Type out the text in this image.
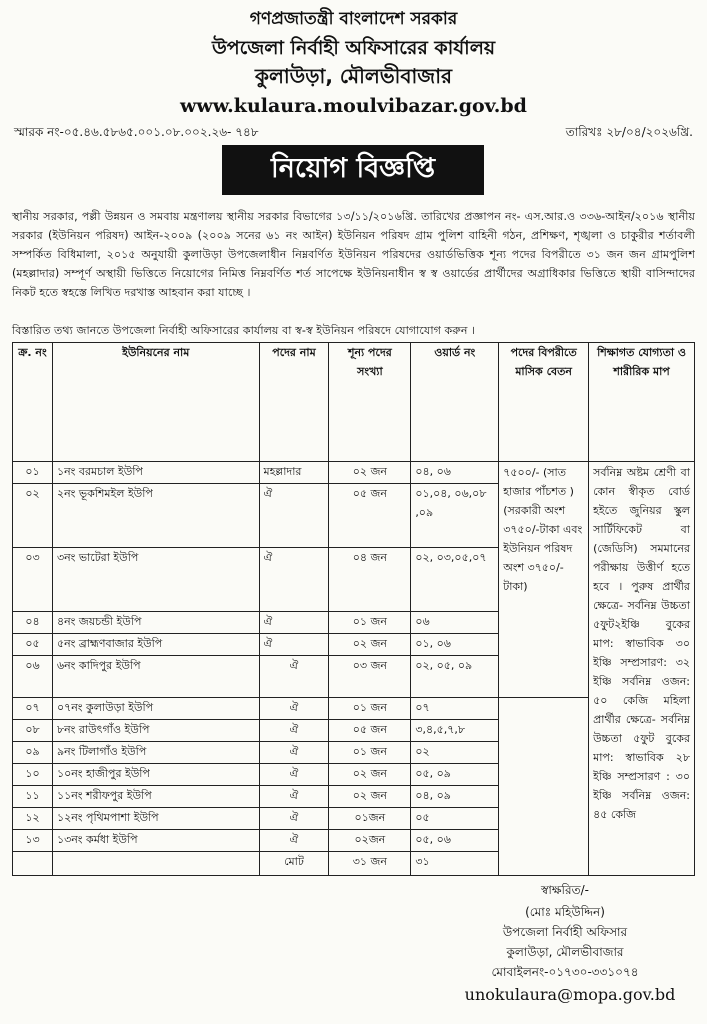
গণপ্রজাতন্ত্রী বাংলাদেশ সরকার
উপজেলা নির্বাহী অফিসারের কার্যালয়
কুলাউড়া, মৌলভীবাজার
www.kulaura.moulvibazar.gov.bd
স্মারক নং-০৫.৪৬.৫৮৬৫.০০১.০৮.০০২.২৬- ৭৪৮	তারিখঃ ২৮/০৪/২০২৬খ্রি.
নিয়োগ বিজ্ঞপ্তি
স্থানীয় সরকার, পল্লী উন্নয়ন ও সমবায় মন্ত্রণালয় স্থানীয় সরকার বিভাগের ১৩/১১/২০১৬খ্রি. তারিখের প্রজ্ঞাপন নং- এস.আর.ও ৩৩৬-আইন/২০১৬ স্থানীয় সরকার (ইউনিয়ন পরিষদ) আইন-২০০৯ (২০০৯ সনের ৬১ নং আইন) ইউনিয়ন পরিষদ গ্রাম পুলিশ বাহিনী গঠন, প্রশিক্ষণ, শৃঙ্খলা ও চাকুরীর শর্তাবলী সম্পর্কিত বিধিমালা, ২০১৫ অনুযায়ী কুলাউড়া উপজেলাধীন নিম্নবর্ণিত ইউনিয়ন পরিষদের ওয়ার্ডভিত্তিক শূন্য পদের বিপরীতে ৩১ জন জন গ্রামপুলিশ (মহল্লাদার) সম্পূর্ণ অস্থায়ী ভিত্তিতে নিয়োগের নিমিত্ত নিম্নবর্ণিত শর্ত সাপেক্ষে ইউনিয়নাধীন স্ব স্ব ওয়ার্ডের প্রার্থীদের অগ্রাধিকার ভিত্তিতে স্থায়ী বাসিন্দাদের নিকট হতে স্বহস্তে লিখিত দরখাস্ত আহবান করা যাচ্ছে ।
বিস্তারিত তথ্য জানতে উপজেলা নির্বাহী অফিসারের কার্যালয় বা স্ব-স্ব ইউনিয়ন পরিষদে যোগাযোগ করুন ।
ক্র. নং	ইউনিয়নের নাম	পদের নাম	শূন্য পদের সংখ্যা	ওয়ার্ড নং	পদের বিপরীতে মাসিক বেতন	শিক্ষাগত যোগ্যতা ও শারীরিক মাপ
০১	১নং বরমচাল ইউপি	মহল্লাদার	০২ জন	০৪, ০৬	৭৫০০/- (সাত হাজার পাঁচশত ) (সরকারী অংশ ৩৭৫০/-টাকা এবং ইউনিয়ন পরিষদ অংশ ৩৭৫০/- টাকা)	সর্বনিম্ন অষ্টম শ্রেণী বা কোন স্বীকৃত বোর্ড হইতে জুনিয়র স্কুল সার্টিফিকেট বা (জেডিসি) সমমানের পরীক্ষায় উত্তীর্ণ হতে হবে । পুরুষ প্রার্থীর ক্ষেত্রে- সর্বনিম্ন উচ্চতা ৫ফুট২ইঞ্চি বুকের মাপ: স্বাভাবিক ৩০ ইঞ্চি সম্প্রসারণ: ৩২ ইঞ্চি সর্বনিম্ন ওজন: ৫০ কেজি মহিলা প্রার্থীর ক্ষেত্রে- সর্বনিম্ন উচ্চতা ৫ফুট বুকের মাপ: স্বাভাবিক ২৮ ইঞ্চি সম্প্রসারণ : ৩০ ইঞ্চি সর্বনিম্ন ওজন: ৪৫ কেজি
০২	২নং ভূকশিমইল ইউপি	ঐ	০৫ জন	০১,০৪, ০৬,০৮ ,০৯		
০৩	৩নং ভাটেরা ইউপি	ঐ	০৪ জন	০২, ০৩,০৫,০৭		
০৪	৪নং জয়চন্ডী ইউপি	ঐ	০১ জন	০৬		
০৫	৫নং ব্রাহ্মণবাজার ইউপি	ঐ	০২ জন	০১, ০৬		
০৬	৬নং কাদিপুর ইউপি	ঐ	০৩ জন	০২, ০৫, ০৯		
০৭	০৭নং কুলাউড়া ইউপি	ঐ	০১ জন	০৭		
০৮	৮নং রাউৎগাঁও ইউপি	ঐ	০৫ জন	৩,৪,৫,৭,৮		
০৯	৯নং টিলাগাঁও ইউপি	ঐ	০১ জন	০২		
১০	১০নং হাজীপুর ইউপি	ঐ	০২ জন	০৫, ০৯		
১১	১১নং শরীফপুর ইউপি	ঐ	০২ জন	০৪, ০৯		
১২	১২নং পৃথিমপাশা ইউপি	ঐ	০১জন	০৫		
১৩	১৩নং কর্মধা ইউপি	ঐ	০২জন	০৫, ০৬		
		মোট	৩১ জন	৩১		
স্বাক্ষরিত/-
(মোঃ মহিউদ্দিন)
উপজেলা নির্বাহী অফিসার
কুলাউড়া, মৌলভীবাজার
মোবাইলনং-০১৭৩০-৩৩১০৭৪
unokulaura@mopa.gov.bd
